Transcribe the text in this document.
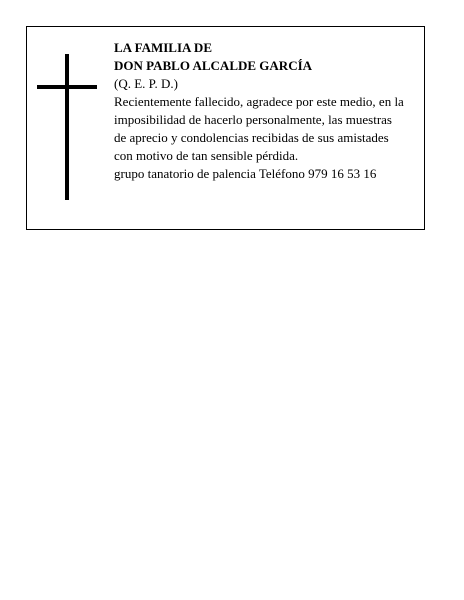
LA FAMILIA DE
DON PABLO ALCALDE GARCÍA
(Q. E. P. D.)
Recientemente fallecido, agradece por este medio, en la
imposibilidad de hacerlo personalmente, las muestras
de aprecio y condolencias recibidas de sus amistades
con motivo de tan sensible pérdida.
grupo tanatorio de palencia Teléfono 979 16 53 16
